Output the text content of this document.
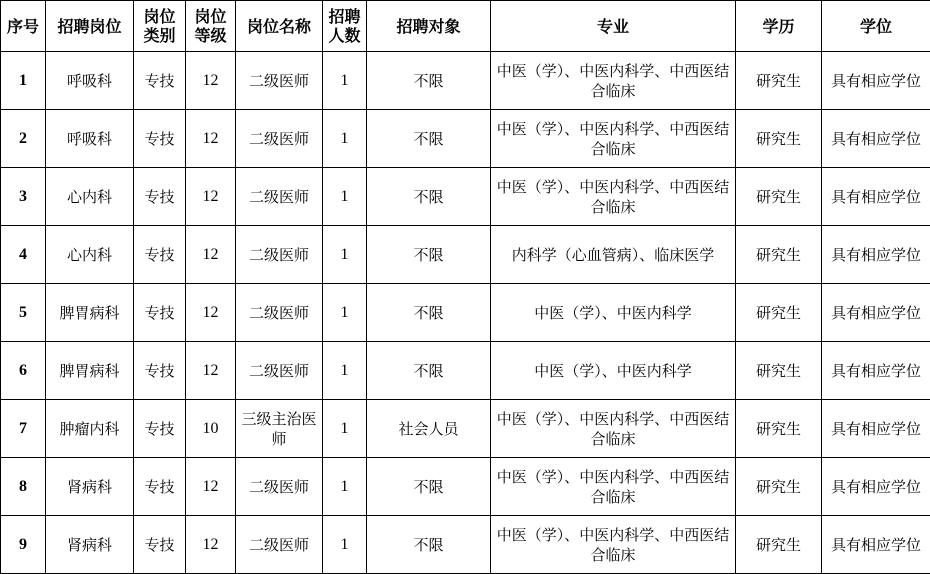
序号	招聘岗位	岗位类别	岗位等级	岗位名称	招聘人数	招聘对象	专业	学历	学位
1	呼吸科	专技	12	二级医师	1	不限	中医（学）、中医内科学、中西医结合临床	研究生	具有相应学位
2	呼吸科	专技	12	二级医师	1	不限	中医（学）、中医内科学、中西医结合临床	研究生	具有相应学位
3	心内科	专技	12	二级医师	1	不限	中医（学）、中医内科学、中西医结合临床	研究生	具有相应学位
4	心内科	专技	12	二级医师	1	不限	内科学（心血管病）、临床医学	研究生	具有相应学位
5	脾胃病科	专技	12	二级医师	1	不限	中医（学）、中医内科学	研究生	具有相应学位
6	脾胃病科	专技	12	二级医师	1	不限	中医（学）、中医内科学	研究生	具有相应学位
7	肿瘤内科	专技	10	三级主治医师	1	社会人员	中医（学）、中医内科学、中西医结合临床	研究生	具有相应学位
8	肾病科	专技	12	二级医师	1	不限	中医（学）、中医内科学、中西医结合临床	研究生	具有相应学位
9	肾病科	专技	12	二级医师	1	不限	中医（学）、中医内科学、中西医结合临床	研究生	具有相应学位
